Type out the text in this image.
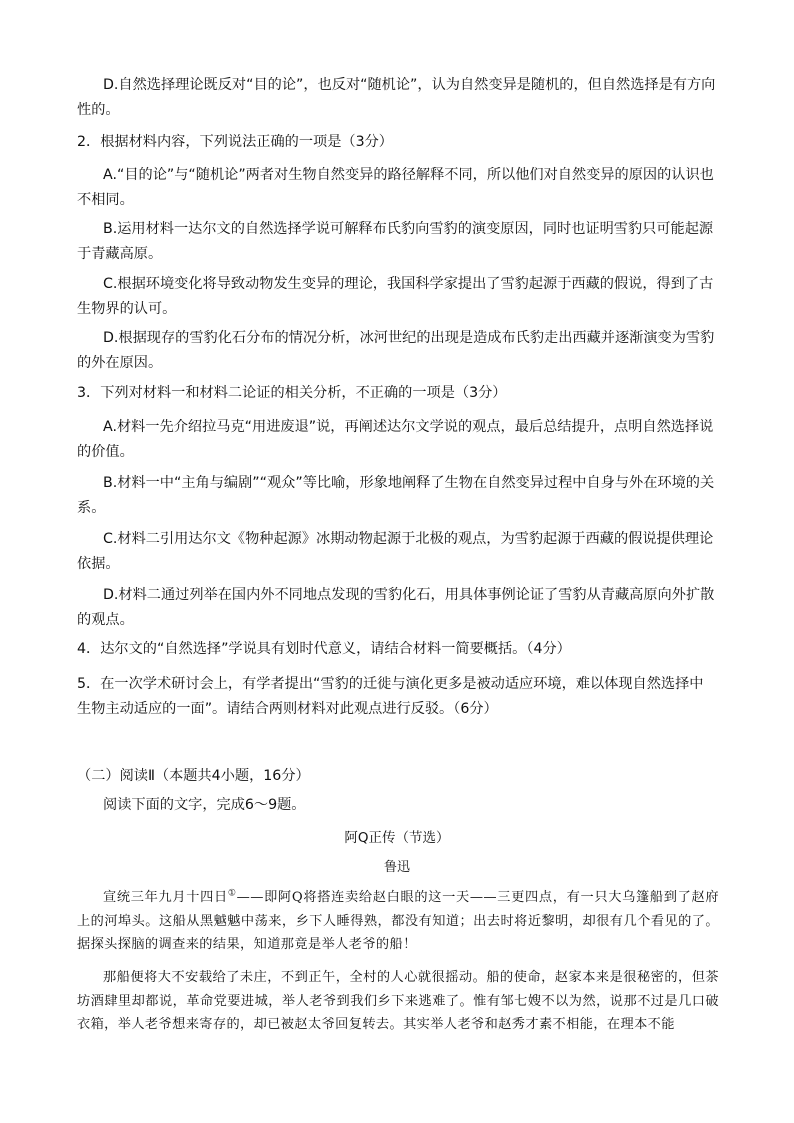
D.自然选择理论既反对“目的论”，也反对“随机论”，认为自然变异是随机的，但自然选择是有方向性的。

2．根据材料内容，下列说法正确的一项是（3分）

A.“目的论”与“随机论”两者对生物自然变异的路径解释不同，所以他们对自然变异的原因的认识也不相同。

B.运用材料一达尔文的自然选择学说可解释布氏豹向雪豹的演变原因，同时也证明雪豹只可能起源于青藏高原。

C.根据环境变化将导致动物发生变异的理论，我国科学家提出了雪豹起源于西藏的假说，得到了古生物界的认可。

D.根据现存的雪豹化石分布的情况分析，冰河世纪的出现是造成布氏豹走出西藏并逐渐演变为雪豹的外在原因。

3．下列对材料一和材料二论证的相关分析，不正确的一项是（3分）

A.材料一先介绍拉马克“用进废退”说，再阐述达尔文学说的观点，最后总结提升，点明自然选择说的价值。

B.材料一中“主角与编剧”“观众”等比喻，形象地阐释了生物在自然变异过程中自身与外在环境的关系。

C.材料二引用达尔文《物种起源》冰期动物起源于北极的观点，为雪豹起源于西藏的假说提供理论依据。

D.材料二通过列举在国内外不同地点发现的雪豹化石，用具体事例论证了雪豹从青藏高原向外扩散的观点。

4．达尔文的“自然选择”学说具有划时代意义，请结合材料一简要概括。（4分）

5．在一次学术研讨会上，有学者提出“雪豹的迁徙与演化更多是被动适应环境，难以体现自然选择中生物主动适应的一面”。请结合两则材料对此观点进行反驳。（6分）

（二）阅读Ⅱ（本题共4小题，16分）

阅读下面的文字，完成6～9题。

阿Q正传（节选）

鲁迅

宣统三年九月十四日①——即阿Q将搭连卖给赵白眼的这一天——三更四点，有一只大乌篷船到了赵府上的河埠头。这船从黑魆魆中荡来，乡下人睡得熟，都没有知道；出去时将近黎明，却很有几个看见的了。据探头探脑的调查来的结果，知道那竟是举人老爷的船！

那船便将大不安载给了未庄，不到正午，全村的人心就很摇动。船的使命，赵家本来是很秘密的，但茶坊酒肆里却都说，革命党要进城，举人老爷到我们乡下来逃难了。惟有邹七嫂不以为然，说那不过是几口破衣箱，举人老爷想来寄存的，却已被赵太爷回复转去。其实举人老爷和赵秀才素不相能，在理本不能
